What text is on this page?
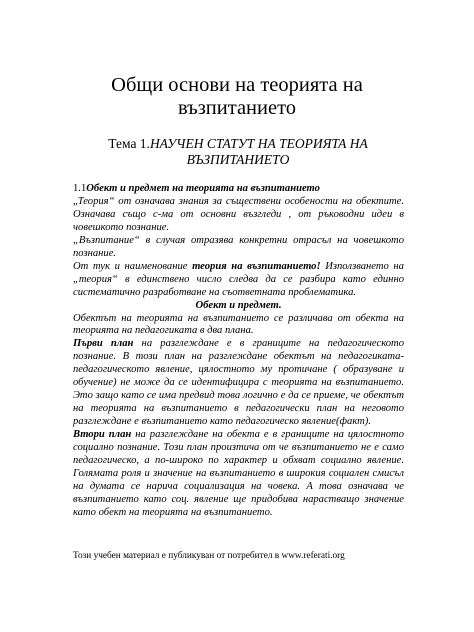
Общи основи на теорията на възпитанието
Тема 1.НАУЧЕН СТАТУТ НА ТЕОРИЯТА НА ВЪЗПИТАНИЕТО

1.1Обект и предмет на теорията на възпитанието

„Теория“ от означава знания за съществени особености на обектите. Означава също с-ма от основни възгледи , от ръководни идеи в човешкото познание.

„Възпитание“ в случая отразява конкретни отрасъл на човешкото познание.

От тук и наименование теория на възпитанието! Използването на „теория“ в единствено число следва да се разбира като единно систематично разработване на съответната проблематика.

Обект и предмет.

Обектът на теорията на възпитанието се различава от обекта на теорията на педагогиката в два плана.

Първи план на разглеждане е в границите на педагогическото познание. В този план на разглеждане обектът на педагогиката-педагогическото явление, цялостното му протичане ( образуване и обучение) не може да се идентифицира с теорията на възпитанието. Это защо като се има предвид това логично е да се приеме, че обектът на теорията на възпитанието в педагогически план на неговото разглеждане е възпитанието като педагогическо явление(факт).

Втори план на разглеждане на обекта е в границите на цялостното социално познание. Този план произтича от че възпитанието не е само педагогическо, а по-широко по характер и обхват социално явление. Голямата роля и значение на възпитанието в широкия социален смисъл на думата се нарича социализация на човека. А това означава че възпитанието като соц. явление ще придобива нарастващо значение като обект на теорията на възпитанието.

Този учебен материал е публикуван от потребител в www.referati.org
